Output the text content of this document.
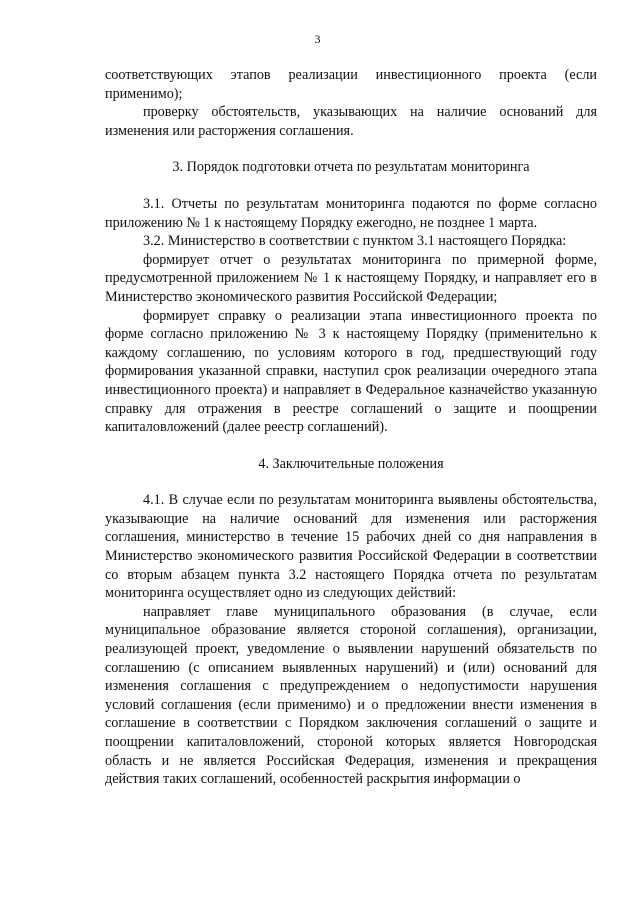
3

соответствующих этапов реализации инвестиционного проекта (если применимо);

проверку обстоятельств, указывающих на наличие оснований для изменения или расторжения соглашения.

3. Порядок подготовки отчета по результатам мониторинга

3.1. Отчеты по результатам мониторинга подаются по форме согласно приложению № 1 к настоящему Порядку ежегодно, не позднее 1 марта.

3.2. Министерство в соответствии с пунктом 3.1 настоящего Порядка:

формирует отчет о результатах мониторинга по примерной форме, предусмотренной приложением № 1 к настоящему Порядку, и направляет его в Министерство экономического развития Российской Федерации;

формирует справку о реализации этапа инвестиционного проекта по форме согласно приложению № 3 к настоящему Порядку (применительно к каждому соглашению, по условиям которого в год, предшествующий году формирования указанной справки, наступил срок реализации очередного этапа инвестиционного проекта) и направляет в Федеральное казначейство указанную справку для отражения в реестре соглашений о защите и поощрении капиталовложений (далее реестр соглашений).

4. Заключительные положения

4.1. В случае если по результатам мониторинга выявлены обстоятельства, указывающие на наличие оснований для изменения или расторжения соглашения, министерство в течение 15 рабочих дней со дня направления в Министерство экономического развития Российской Федерации в соответствии со вторым абзацем пункта 3.2 настоящего Порядка отчета по результатам мониторинга осуществляет одно из следующих действий:

направляет главе муниципального образования (в случае, если муниципальное образование является стороной соглашения), организации, реализующей проект, уведомление о выявлении нарушений обязательств по соглашению (с описанием выявленных нарушений) и (или) оснований для изменения соглашения с предупреждением о недопустимости нарушения условий соглашения (если применимо) и о предложении внести изменения в соглашение в соответствии с Порядком заключения соглашений о защите и поощрении капиталовложений, стороной которых является Новгородская область и не является Российская Федерация, изменения и прекращения действия таких соглашений, особенностей раскрытия информации о
